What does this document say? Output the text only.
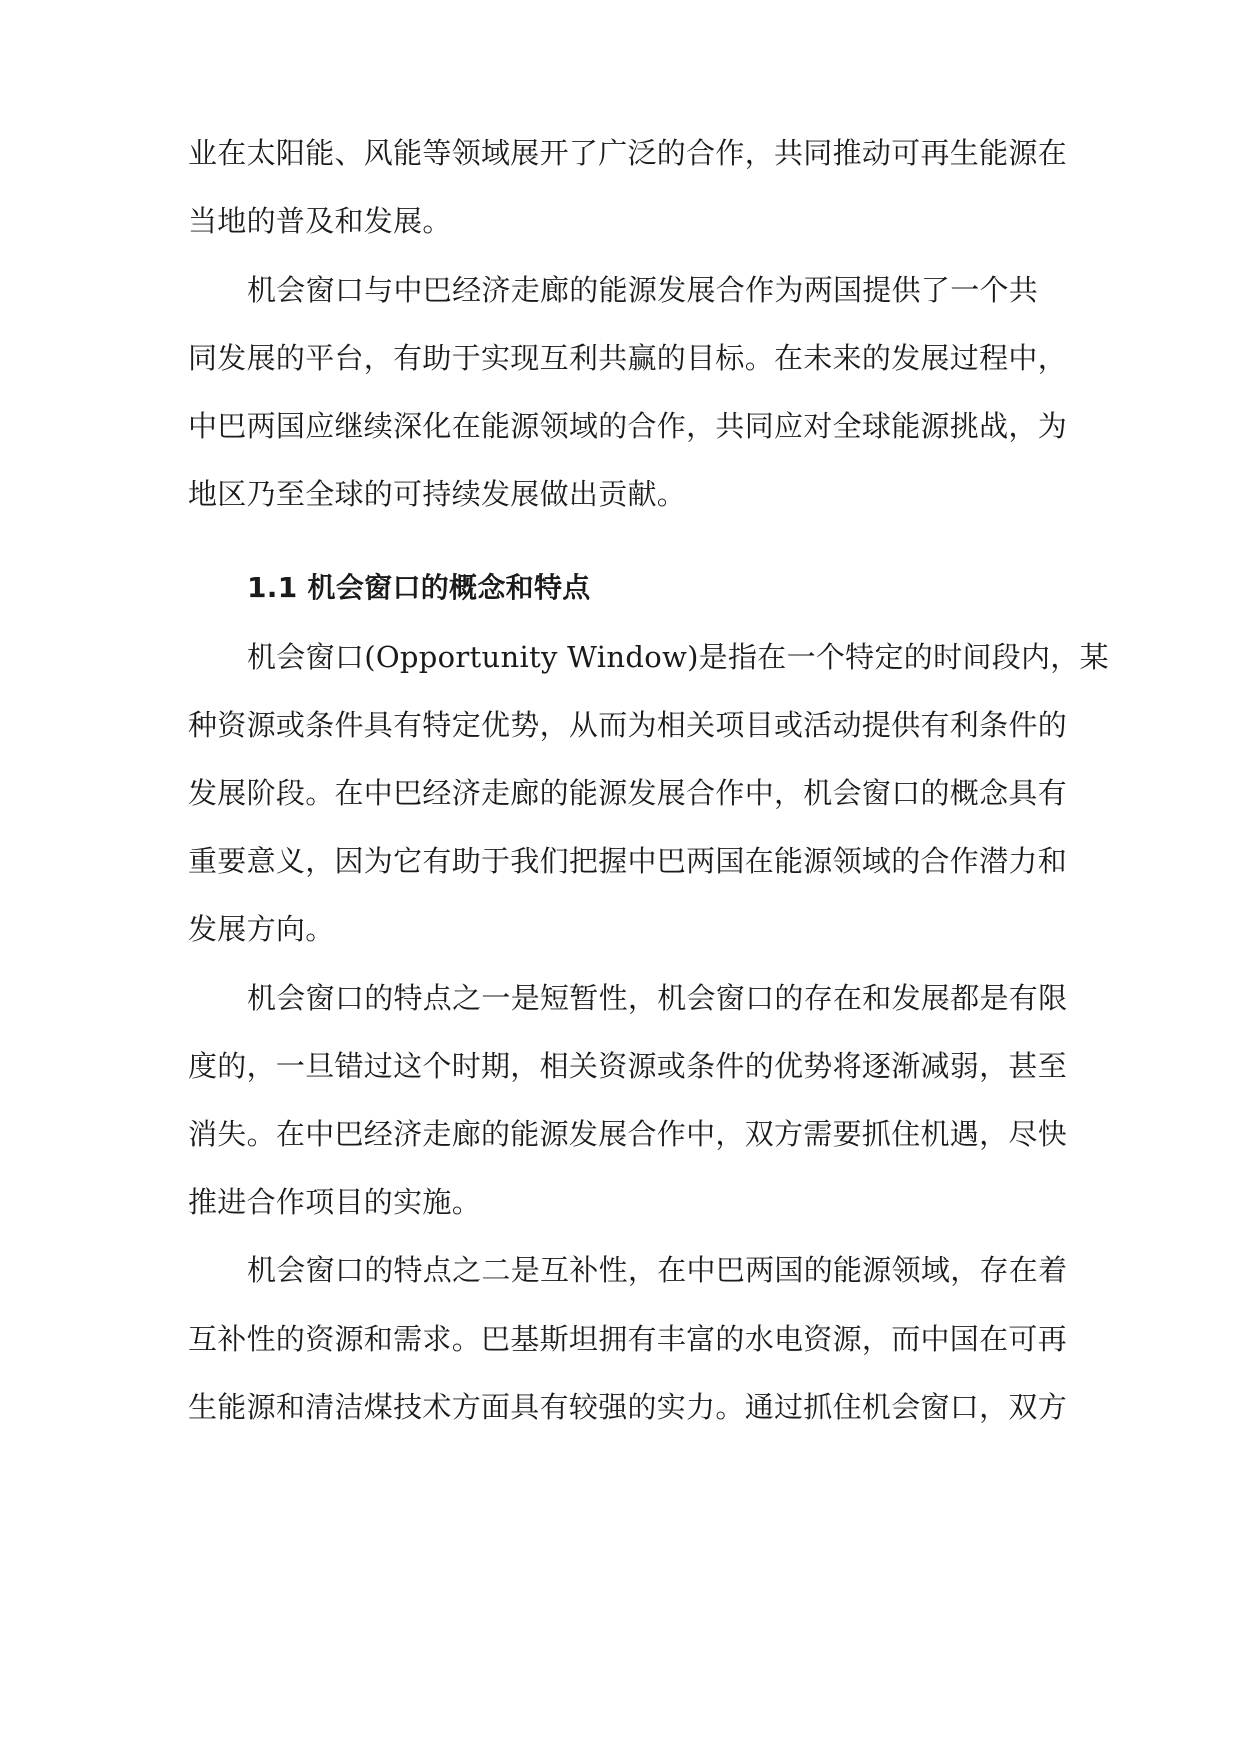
业在太阳能、风能等领域展开了广泛的合作，共同推动可再生能源在

当地的普及和发展。

机会窗口与中巴经济走廊的能源发展合作为两国提供了一个共

同发展的平台，有助于实现互利共赢的目标。在未来的发展过程中，

中巴两国应继续深化在能源领域的合作，共同应对全球能源挑战，为

地区乃至全球的可持续发展做出贡献。

1.1 机会窗口的概念和特点

机会窗口(Opportunity Window)是指在一个特定的时间段内，某

种资源或条件具有特定优势，从而为相关项目或活动提供有利条件的

发展阶段。在中巴经济走廊的能源发展合作中，机会窗口的概念具有

重要意义，因为它有助于我们把握中巴两国在能源领域的合作潜力和

发展方向。

机会窗口的特点之一是短暂性，机会窗口的存在和发展都是有限

度的，一旦错过这个时期，相关资源或条件的优势将逐渐减弱，甚至

消失。在中巴经济走廊的能源发展合作中，双方需要抓住机遇，尽快

推进合作项目的实施。

机会窗口的特点之二是互补性，在中巴两国的能源领域，存在着

互补性的资源和需求。巴基斯坦拥有丰富的水电资源，而中国在可再

生能源和清洁煤技术方面具有较强的实力。通过抓住机会窗口，双方
